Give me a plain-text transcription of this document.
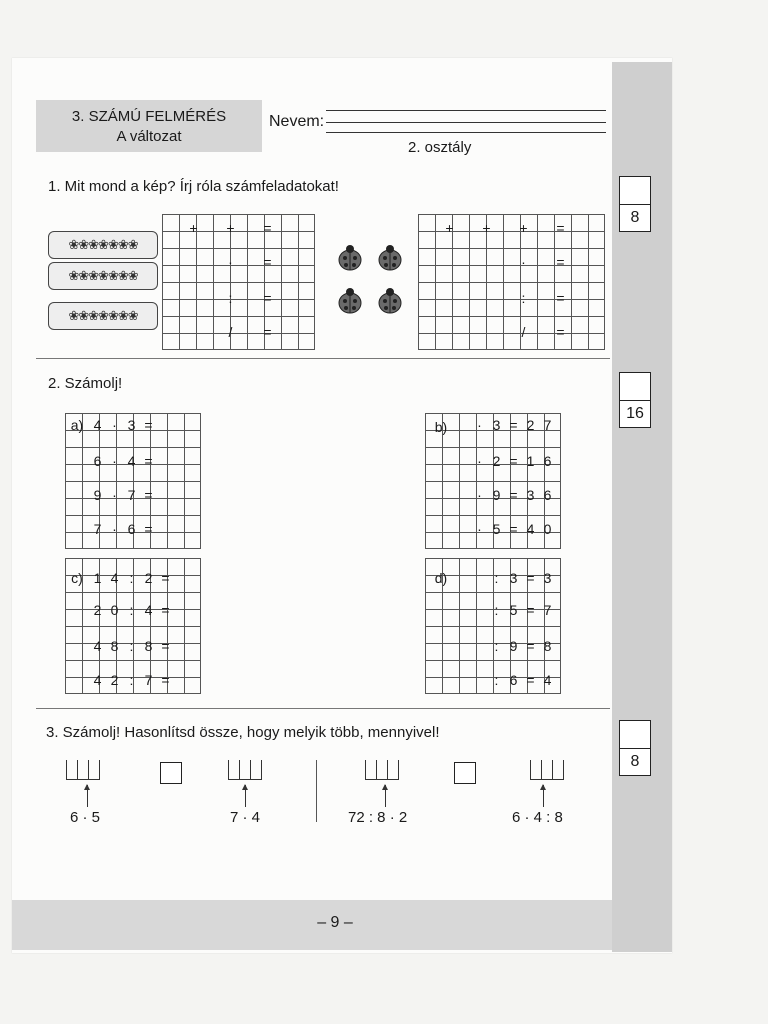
8
16
8
3. SZÁMÚ FELMÉRÉS
A változat
Nevem:
2. osztály
1. Mit mond a kép? Írj róla számfeladatokat!
❀❀❀❀❀❀❀
❀❀❀❀❀❀❀
❀❀❀❀❀❀❀
+	+	=
·	=
:	=
/	=
+	+	+	=
·	=
:	=
/	=
2. Számolj!
a) 4 · 3 =
6 · 4 =
9 · 7 =
7 · 6 =
b)	· 3 = 2 7
· 2 = 1 6
· 9 = 3 6
· 5 = 4 0
c) 1 4 : 2 =
2 0 : 4 =
4 8 : 8 =
4 2 : 7 =
d)	: 3 = 3
: 5 = 7
: 9 = 8
: 6 = 4
3. Számolj! Hasonlítsd össze, hogy melyik több, mennyivel!
6 · 5	7 · 4	72 : 8 · 2	6 · 4 : 8
– 9 –
